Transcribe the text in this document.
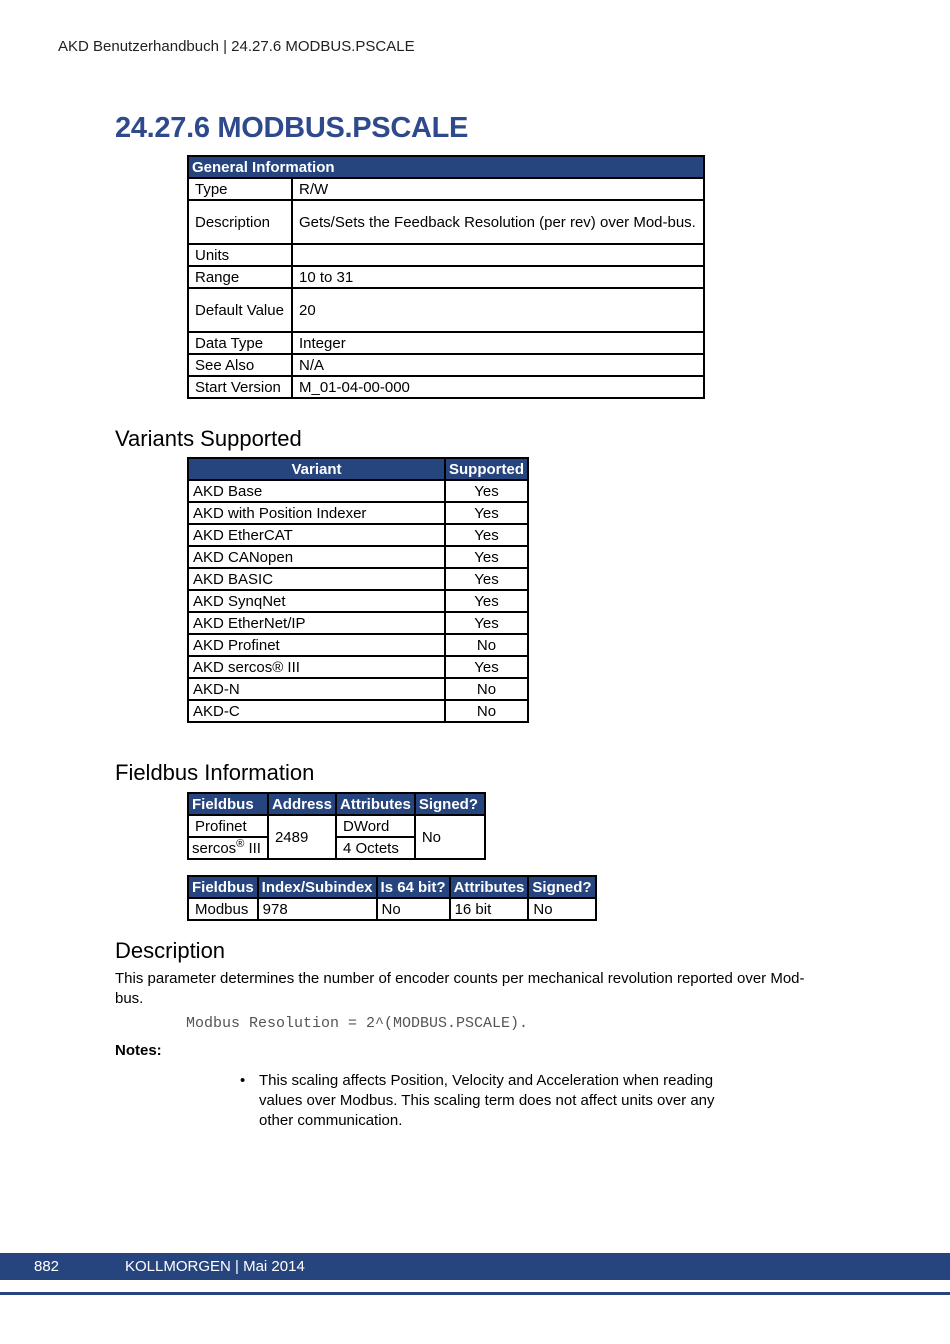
AKD Benutzerhandbuch | 24.27.6 MODBUS.PSCALE
24.27.6 MODBUS.PSCALE
General Information	
Type	R/W
Description	Gets/Sets the Feedback Resolution (per rev) over Mod-bus.
Units	
Range	10 to 31
Default Value	20
Data Type	Integer
See Also	N/A
Start Version	M_01-04-00-000
Variants Supported
Variant	Supported
AKD Base	Yes
AKD with Position Indexer	Yes
AKD EtherCAT	Yes
AKD CANopen	Yes
AKD BASIC	Yes
AKD SynqNet	Yes
AKD EtherNet/IP	Yes
AKD Profinet	No
AKD sercos® III	Yes
AKD-N	No
AKD-C	No
Fieldbus Information
Fieldbus	Address	Attributes	Signed?
Profinet	2489	DWord	No
sercos® III		4 Octets	
Fieldbus	Index/Subindex	Is 64 bit?	Attributes	Signed?
Modbus	978	No	16 bit	No
Description
This parameter determines the number of encoder counts per mechanical revolution reported over Mod-bus.
Modbus Resolution = 2^(MODBUS.PSCALE).
Notes:
• This scaling affects Position, Velocity and Acceleration when reading values over Modbus. This scaling term does not affect units over any other communication.
882	KOLLMORGEN | Mai 2014
